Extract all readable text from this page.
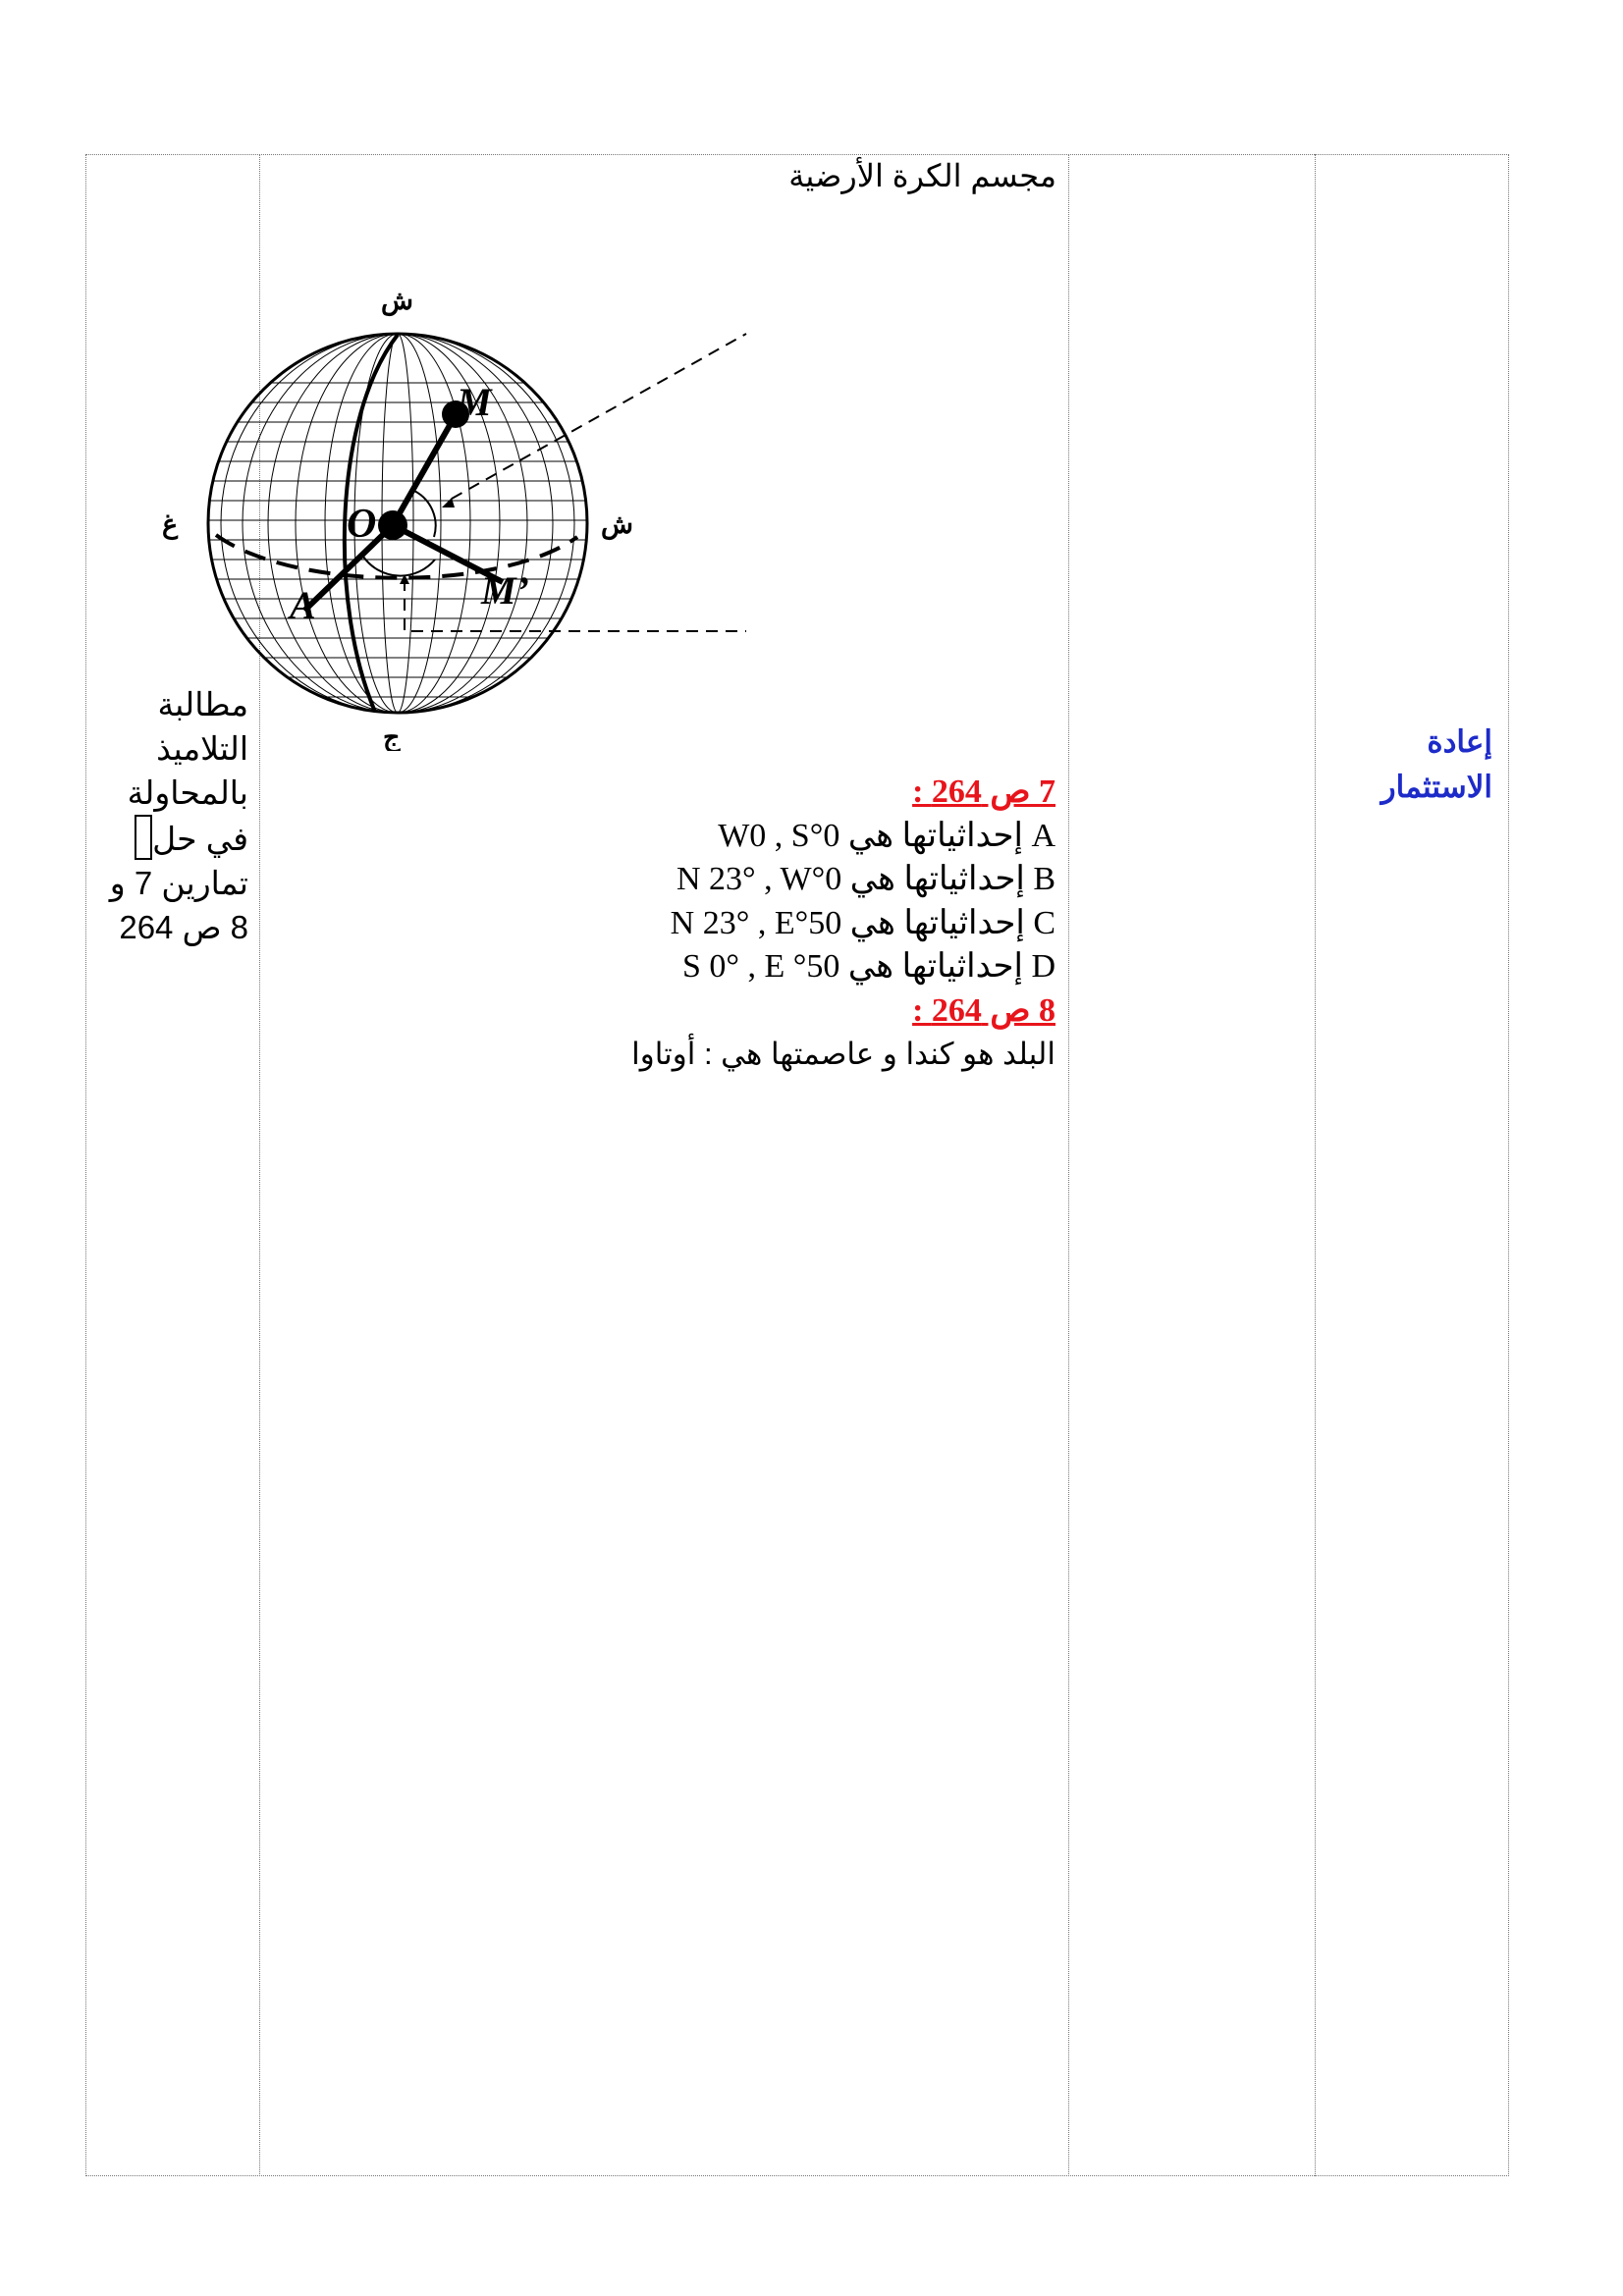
مجسم الكرة الأرضية
M
O
A	M’
ش
ج
غ	ش
7 ص 264 :
A إحداثياتها هي 0°W0 , S
B إحداثياتها هي 0°N 23° , W
C إحداثياتها هي 50°N 23° , E
D إحداثياتها هي 50° S 0° , E
8 ص 264 :
البلد هو كندا و عاصمتها هي : أوتاوا
مطالبة
التلاميذ
بالمحاولة
في حل
تمارين 7 و
8 ص 264
إعادة
الاستثمار
